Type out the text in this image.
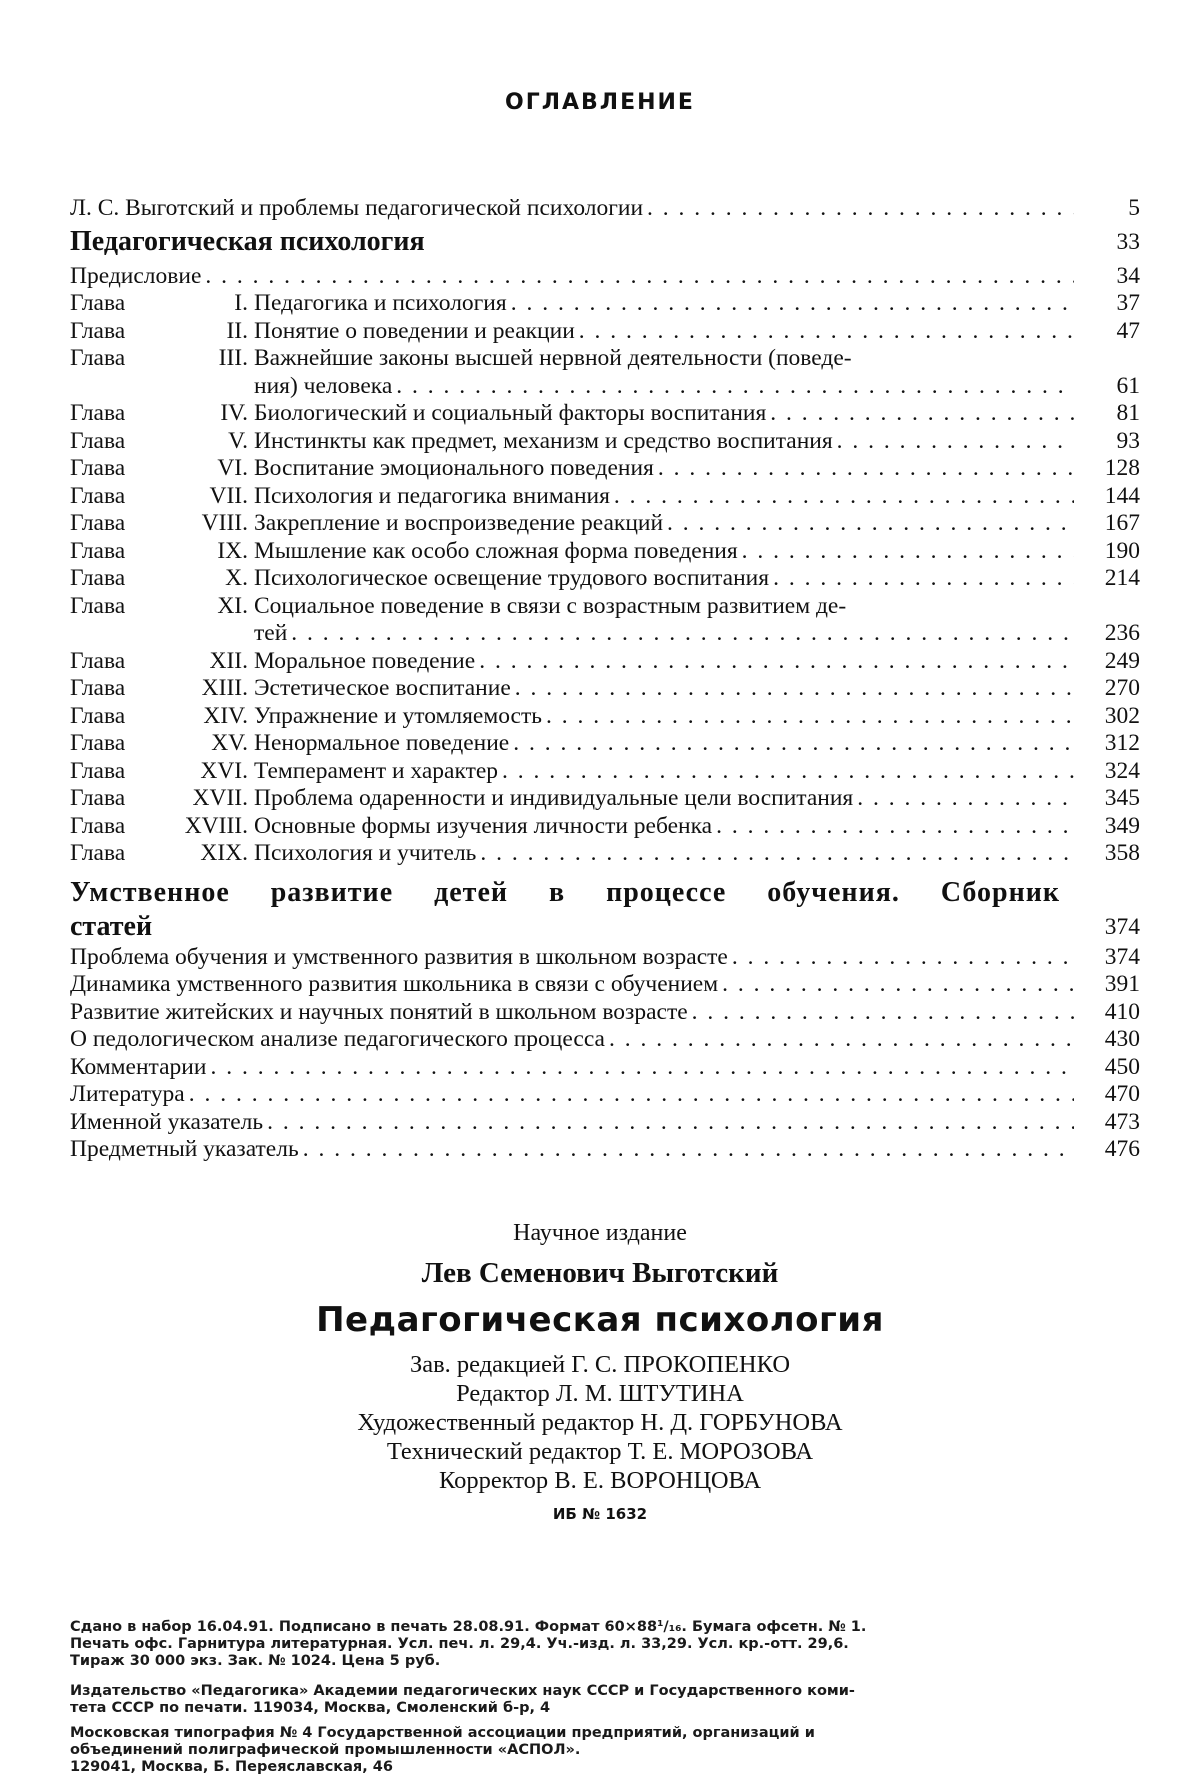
ОГЛАВЛЕНИЕ
Л. С. Выготский и проблемы педагогической психологии
. . .	5
Педагогическая психология	33
Предисловие
. . .	34
Глава	I. Педагогика и психология
. . .	37
Глава	II. Понятие о поведении и реакции
. . .	47
Глава	III. Важнейшие законы высшей нервной деятельности (поведе-
ния) человека
. . .	61
Глава	IV. Биологический и социальный факторы воспитания
. . .	81
Глава	V. Инстинкты как предмет, механизм и средство воспитания
. . .	93
Глава	VI. Воспитание эмоционального поведения
. . .	128
Глава	VII. Психология и педагогика внимания
. . .	144
Глава	VIII. Закрепление и воспроизведение реакций
. . .	167
Глава	IX. Мышление как особо сложная форма поведения
. . .	190
Глава	X. Психологическое освещение трудового воспитания
. . .	214
Глава	XI. Социальное поведение в связи с возрастным развитием де-
тей
. . .	236
Глава	XII. Моральное поведение
. . .	249
Глава	XIII. Эстетическое воспитание
. . .	270
Глава	XIV. Упражнение и утомляемость
. . .	302
Глава	XV. Ненормальное поведение
. . .	312
Глава	XVI. Темперамент и характер
. . .	324
Глава	XVII. Проблема одаренности и индивидуальные цели воспитания
. . .	345
Глава	XVIII. Основные формы изучения личности ребенка
. . .	349
Глава	XIX. Психология и учитель
. . .	358
Умственное развитие детей в процессе обучения. Сборник
статей	374
Проблема обучения и умственного развития в школьном возрасте
. . .	374
Динамика умственного развития школьника в связи с обучением
. . .	391
Развитие житейских и научных понятий в школьном возрасте
. . .	410
О педологическом анализе педагогического процесса
. . .	430
Комментарии
. . .	450
Литература
. . .	470
Именной указатель
. . .	473
Предметный указатель
. . .	476
Научное издание
Лев Семенович Выготский
Педагогическая психология
Зав. редакцией Г. С. ПРОКОПЕНКО
Редактор Л. М. ШТУТИНА
Художественный редактор Н. Д. ГОРБУНОВА
Технический редактор Т. Е. МОРОЗОВА
Корректор В. Е. ВОРОНЦОВА
ИБ № 1632
Сдано в набор 16.04.91. Подписано в печать 28.08.91. Формат 60×88¹/₁₆. Бумага офсетн. № 1.
Печать офс. Гарнитура литературная. Усл. печ. л. 29,4. Уч.-изд. л. 33,29. Усл. кр.-отт. 29,6.
Тираж 30 000 экз. Зак. № 1024. Цена 5 руб.
Издательство «Педагогика» Академии педагогических наук СССР и Государственного коми-
тета СССР по печати. 119034, Москва, Смоленский б-р, 4
Московская типография № 4 Государственной ассоциации предприятий, организаций и
объединений полиграфической промышленности «АСПОЛ».
129041, Москва, Б. Переяславская, 46
